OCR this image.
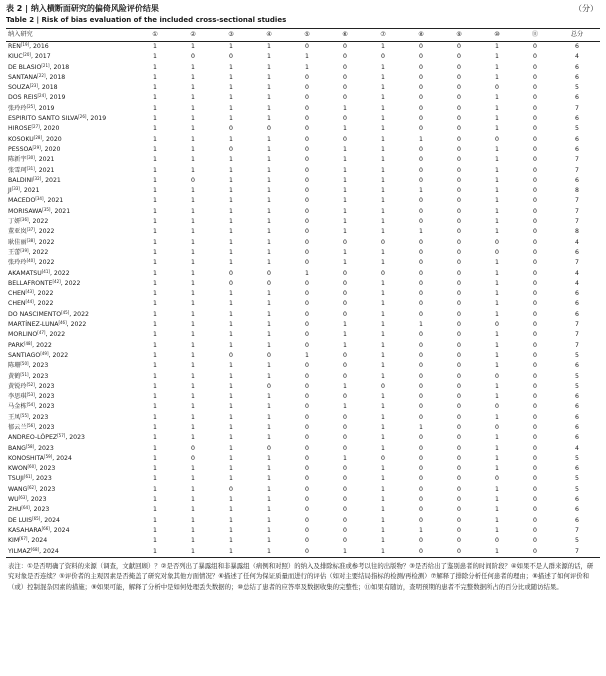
表 2 | 纳入横断面研究的偏倚风险评价结果	（分）
Table 2 | Risk of bias evaluation of the included cross-sectional studies
纳入研究	①	②	③	④	⑤	⑥	⑦	⑧	⑨	⑩	⑪	总分
REN[19], 2016	1	1	1	1	0	0	1	0	0	1	0	6
KIUC[20], 2017	1	0	0	1	1	0	0	0	0	1	0	4
DE BLASIO[21], 2018	1	1	1	1	1	0	1	0	0	1	0	6
SANTANA[22], 2018	1	1	1	1	0	0	1	0	0	1	0	6
SOUZA[23], 2018	1	1	1	1	0	0	1	0	0	0	0	5
DOS REIS[24], 2019	1	1	1	1	0	0	1	0	0	1	0	6
张玲玲[25], 2019	1	1	1	1	0	1	1	0	0	1	0	7
ESPIRITO SANTO SILVA[26], 2019	1	1	1	1	0	0	1	0	0	1	0	6
HIROSE[27], 2020	1	1	0	0	0	1	1	0	0	1	0	5
KOSOKU[28], 2020	1	1	1	1	0	0	1	1	0	0	0	6
PESSOA[29], 2020	1	1	0	1	0	1	1	0	0	1	0	6
陈新宇[30], 2021	1	1	1	1	0	1	1	0	0	1	0	7
张雪珂[31], 2021	1	1	1	1	0	1	1	0	0	1	0	7
BALDINI[32], 2021	1	0	1	1	0	1	1	0	0	1	0	6
JI[33], 2021	1	1	1	1	0	1	1	1	0	1	0	8
MACEDO[34], 2021	1	1	1	1	0	1	1	0	0	1	0	7
MORISAWA[35], 2021	1	1	1	1	0	1	1	0	0	1	0	7
丁妍[36], 2022	1	1	1	1	0	1	1	0	0	1	0	7
董亚岚[37], 2022	1	1	1	1	0	1	1	1	0	1	0	8
耿佳丽[38], 2022	1	1	1	1	0	0	0	0	0	0	0	4
王蕾[39], 2022	1	1	1	1	0	1	1	0	0	0	0	6
张玲玲[40], 2022	1	1	1	1	0	1	1	0	0	1	0	7
AKAMATSU[41], 2022	1	1	0	0	1	0	0	0	0	1	0	4
BELLAFRONTE[42], 2022	1	1	0	0	0	0	1	0	0	1	0	4
CHEN[43], 2022	1	1	1	1	0	0	1	0	0	1	0	6
CHEN[44], 2022	1	1	1	1	0	0	1	0	0	1	0	6
DO NASCIMENTO[45], 2022	1	1	1	1	0	0	1	0	0	1	0	6
MARTÍNEZ-LUNA[46], 2022	1	1	1	1	0	1	1	1	0	0	0	7
MORLINO[47], 2022	1	1	1	1	0	1	1	0	0	1	0	7
PARK[48], 2022	1	1	1	1	0	1	1	0	0	1	0	7
SANTIAGO[49], 2022	1	1	0	0	1	0	1	0	0	1	0	5
陈珊[50], 2023	1	1	1	1	0	0	1	0	0	1	0	6
黄鹤[51], 2023	1	1	1	1	0	0	1	0	0	0	0	5
黄锐玲[52], 2023	1	1	1	0	0	1	0	0	0	1	0	5
李思琪[53], 2023	1	1	1	1	0	0	1	0	0	1	0	6
马金栋[54], 2023	1	1	1	1	0	1	1	0	0	0	0	6
王凤[55], 2023	1	1	1	1	0	0	1	0	0	1	0	6
郁云兰[56], 2023	1	1	1	1	0	0	1	1	0	0	0	6
ANDREO-LÓPEZ[57], 2023	1	1	1	1	0	0	1	0	0	1	0	6
BANG[58], 2023	1	0	1	0	0	0	1	0	0	1	0	4
KONOSHITA[59], 2024	1	0	1	1	0	1	0	0	0	1	0	5
KWON[60], 2023	1	1	1	1	0	0	1	0	0	1	0	6
TSUJI[61], 2023	1	1	1	1	0	0	1	0	0	0	0	5
WANG[62], 2023	1	1	0	1	0	0	1	0	0	1	0	5
WU[63], 2023	1	1	1	1	0	0	1	0	0	1	0	6
ZHU[64], 2023	1	1	1	1	0	0	1	0	0	1	0	6
DE LUIS[65], 2024	1	1	1	1	0	0	1	0	0	1	0	6
KASAHARA[66], 2024	1	1	1	1	0	0	1	1	0	1	0	7
KIM[67], 2024	1	1	1	1	0	0	1	0	0	0	0	5
YILMAZ[68], 2024	1	1	1	1	0	1	1	0	0	1	0	7
表注：①是否明确了资料的来源（调查，文献回顾）？②是否列出了暴露组和非暴露组（病例和对照）的纳入及排除标准或参考以往的出版物？③是否给出了鉴别患者的时间阶段？④如果不是人群来源的话，研究对象是否连续？⑤评价者的主观因素是否掩盖了研究对象其他方面情况？⑥描述了任何为保证质量而进行的评估（如对主要结局指标的检测/再检测）⑦解释了排除分析任何患者的理由；⑧描述了如何评价和（或）控制混杂因素的措施；⑨如果可能，解释了分析中是如何处理丢失数据的；⑩总结了患者的应答率及数据收集的完整性；⑪如果有随访，查明预期的患者不完整数据所占的百分比或随访结果。
